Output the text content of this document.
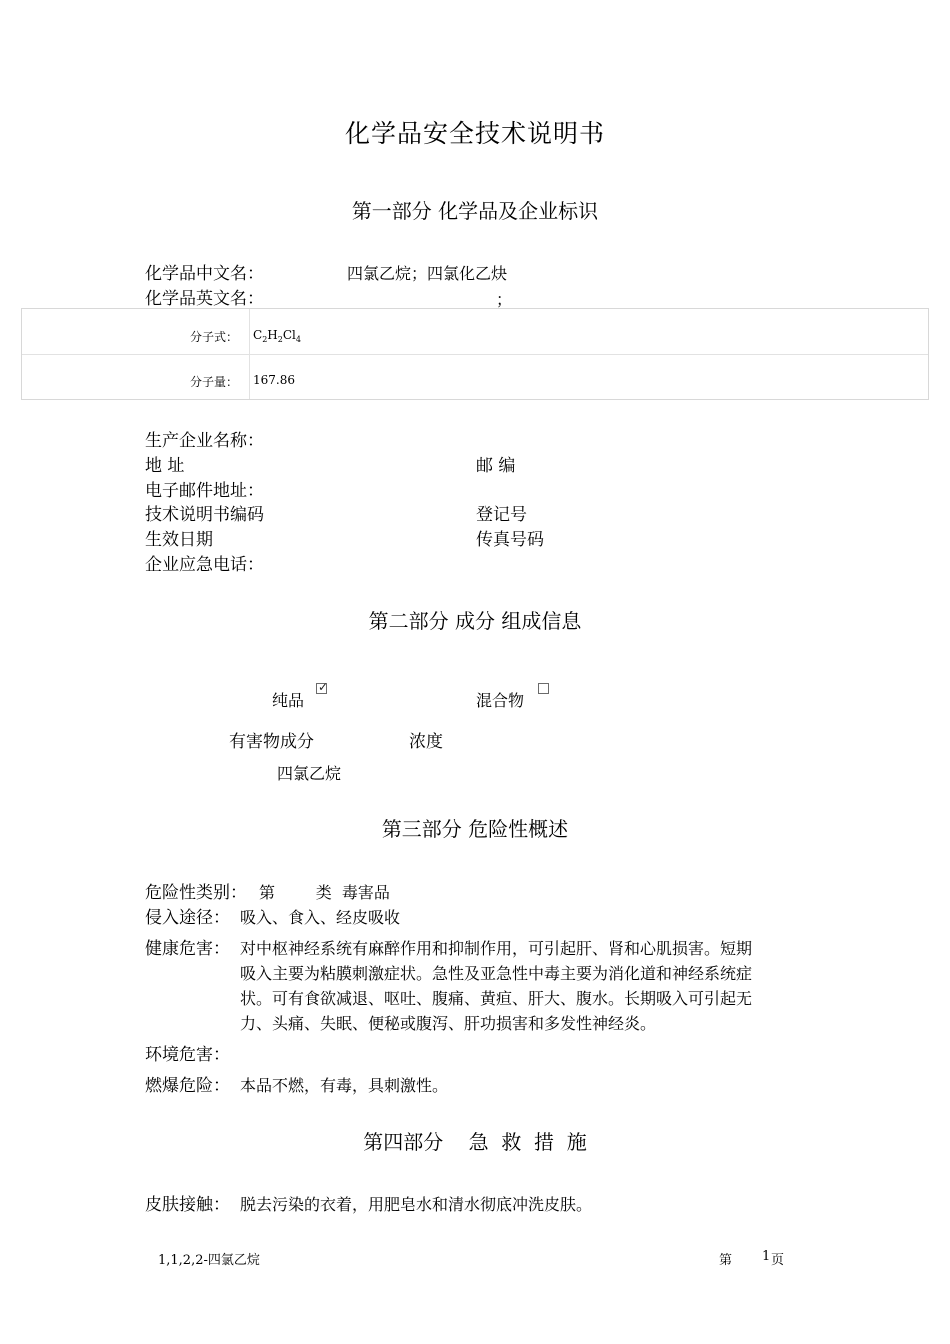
化学品安全技术说明书
第一部分 化学品及企业标识
化学品中文名：	四氯乙烷；四氯化乙炔
化学品英文名：	；
分子式： $C_2H_2Cl_4$
分子量： 167.86
生产企业名称：
地 址	邮 编
电子邮件地址：
技术说明书编码	登记号
生效日期	传真号码
企业应急电话：
第二部分 成分 组成信息
纯品
✓
混合物
有害物成分	浓度
四氯乙烷
第三部分 危险性概述
危险性类别： 第        类  毒害品
侵入途径： 吸入、食入、经皮吸收
健康危害： 对中枢神经系统有麻醉作用和抑制作用，可引起肝、肾和心肌损害。短期
吸入主要为粘膜刺激症状。急性及亚急性中毒主要为消化道和神经系统症
状。可有食欲减退、呕吐、腹痛、黄疸、肝大、腹水。长期吸入可引起无
力、头痛、失眠、便秘或腹泻、肝功损害和多发性神经炎。
环境危害：
燃爆危险： 本品不燃，有毒，具刺激性。
第四部分    急  救  措  施
皮肤接触： 脱去污染的衣着，用肥皂水和清水彻底冲洗皮肤。
1,1,2,2-四氯乙烷	第 1 页
